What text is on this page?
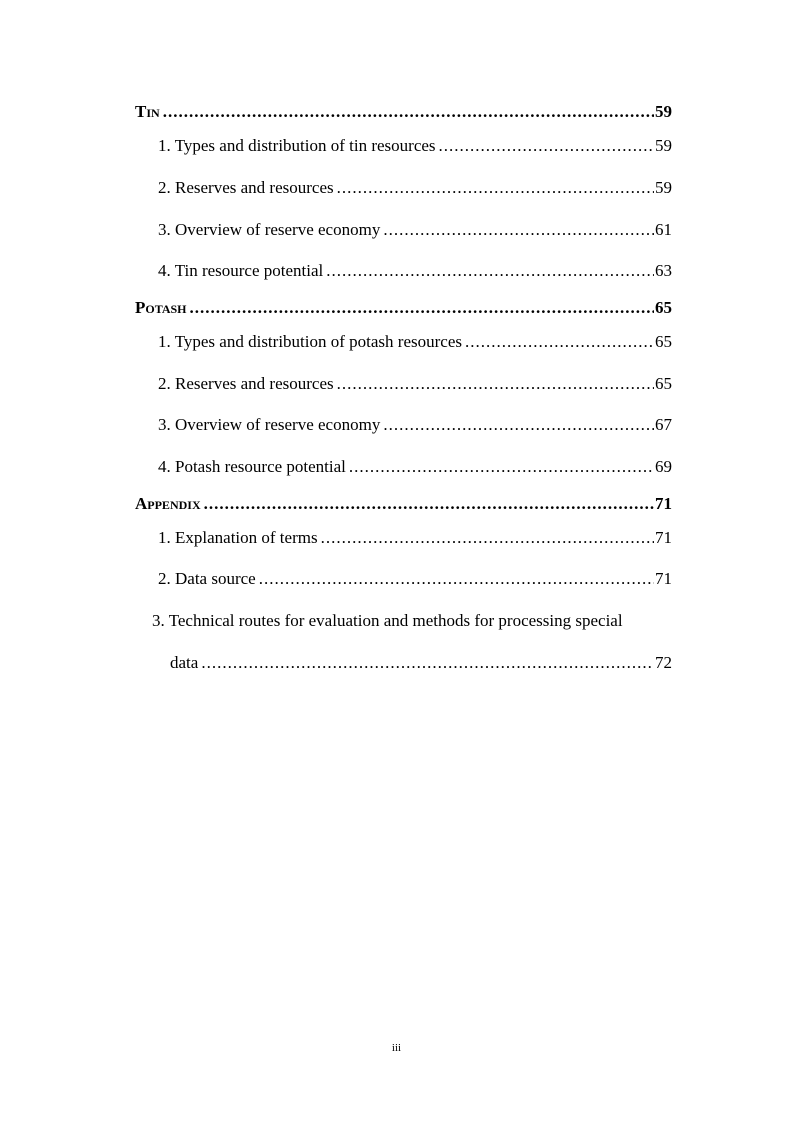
Tin .....	59
1. Types and distribution of tin resources .....	59
2. Reserves and resources .....	59
3. Overview of reserve economy .....	61
4. Tin resource potential .....	63
Potash .....	65
1. Types and distribution of potash resources .....	65
2. Reserves and resources .....	65
3. Overview of reserve economy .....	67
4. Potash resource potential .....	69
Appendix .....	71
1. Explanation of terms .....	71
2. Data source .....	71
3. Technical routes for evaluation and methods for processing special
data .....	72
iii
